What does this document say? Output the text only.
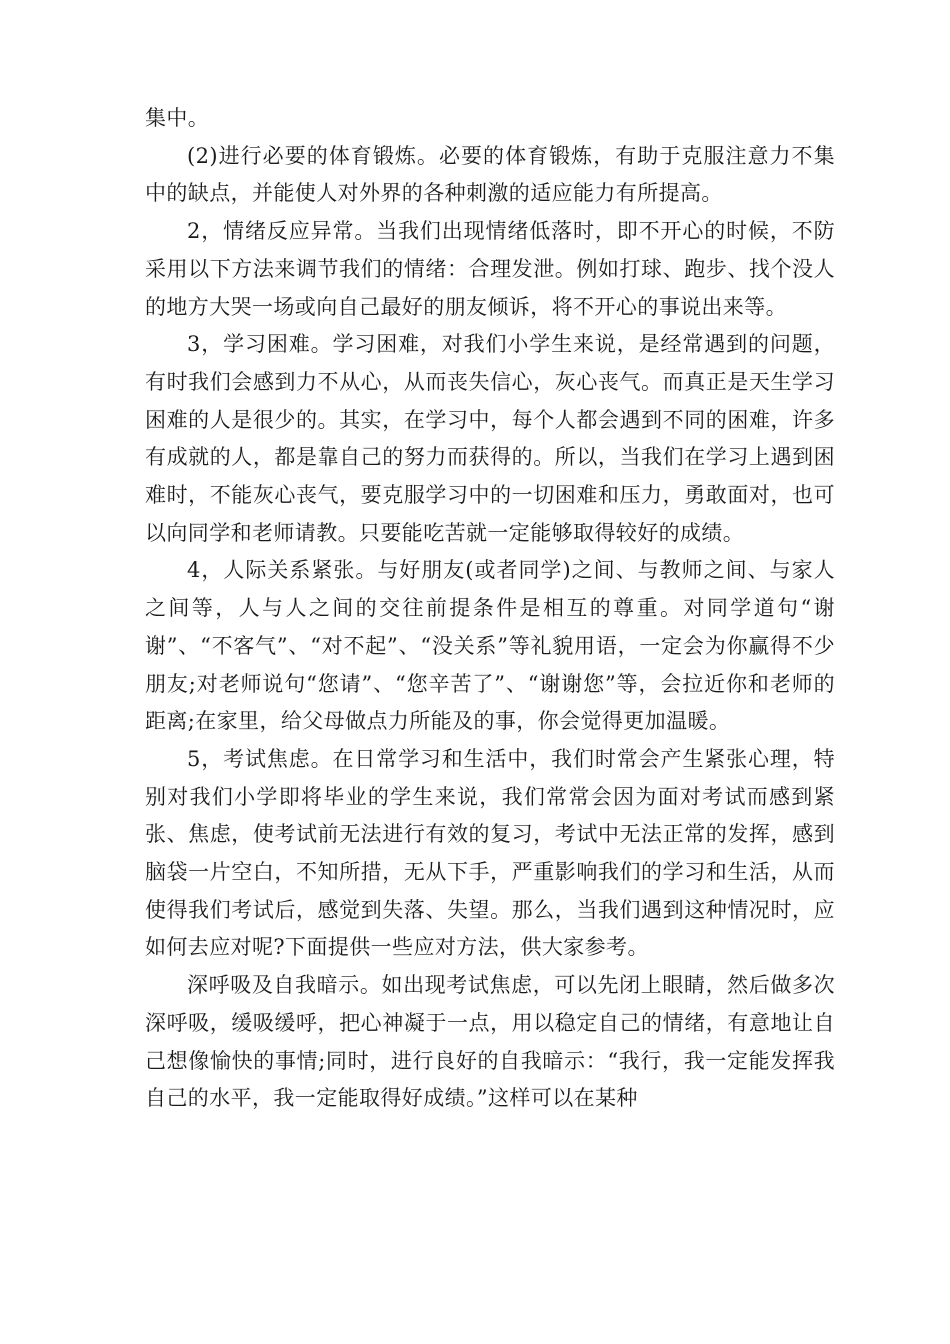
集中。

(2)进行必要的体育锻炼。必要的体育锻炼，有助于克服注意力不集中的缺点，并能使人对外界的各种刺激的适应能力有所提高。

2，情绪反应异常。当我们出现情绪低落时，即不开心的时候，不防采用以下方法来调节我们的情绪：合理发泄。例如打球、跑步、找个没人的地方大哭一场或向自己最好的朋友倾诉，将不开心的事说出来等。

3，学习困难。学习困难，对我们小学生来说，是经常遇到的问题，有时我们会感到力不从心，从而丧失信心，灰心丧气。而真正是天生学习困难的人是很少的。其实，在学习中，每个人都会遇到不同的困难，许多有成就的人，都是靠自己的努力而获得的。所以，当我们在学习上遇到困难时，不能灰心丧气，要克服学习中的一切困难和压力，勇敢面对，也可以向同学和老师请教。只要能吃苦就一定能够取得较好的成绩。

4，人际关系紧张。与好朋友(或者同学)之间、与教师之间、与家人之间等，人与人之间的交往前提条件是相互的尊重。对同学道句“谢谢”、“不客气”、“对不起”、“没关系”等礼貌用语，一定会为你赢得不少朋友;对老师说句“您请”、“您辛苦了”、“谢谢您”等，会拉近你和老师的距离;在家里，给父母做点力所能及的事，你会觉得更加温暖。

5，考试焦虑。在日常学习和生活中，我们时常会产生紧张心理，特别对我们小学即将毕业的学生来说，我们常常会因为面对考试而感到紧张、焦虑，使考试前无法进行有效的复习，考试中无法正常的发挥，感到脑袋一片空白，不知所措，无从下手，严重影响我们的学习和生活，从而使得我们考试后，感觉到失落、失望。那么，当我们遇到这种情况时，应如何去应对呢?下面提供一些应对方法，供大家参考。

深呼吸及自我暗示。如出现考试焦虑，可以先闭上眼睛，然后做多次深呼吸，缓吸缓呼，把心神凝于一点，用以稳定自己的情绪，有意地让自己想像愉快的事情;同时，进行良好的自我暗示：“我行，我一定能发挥我自己的水平，我一定能取得好成绩。”这样可以在某种
